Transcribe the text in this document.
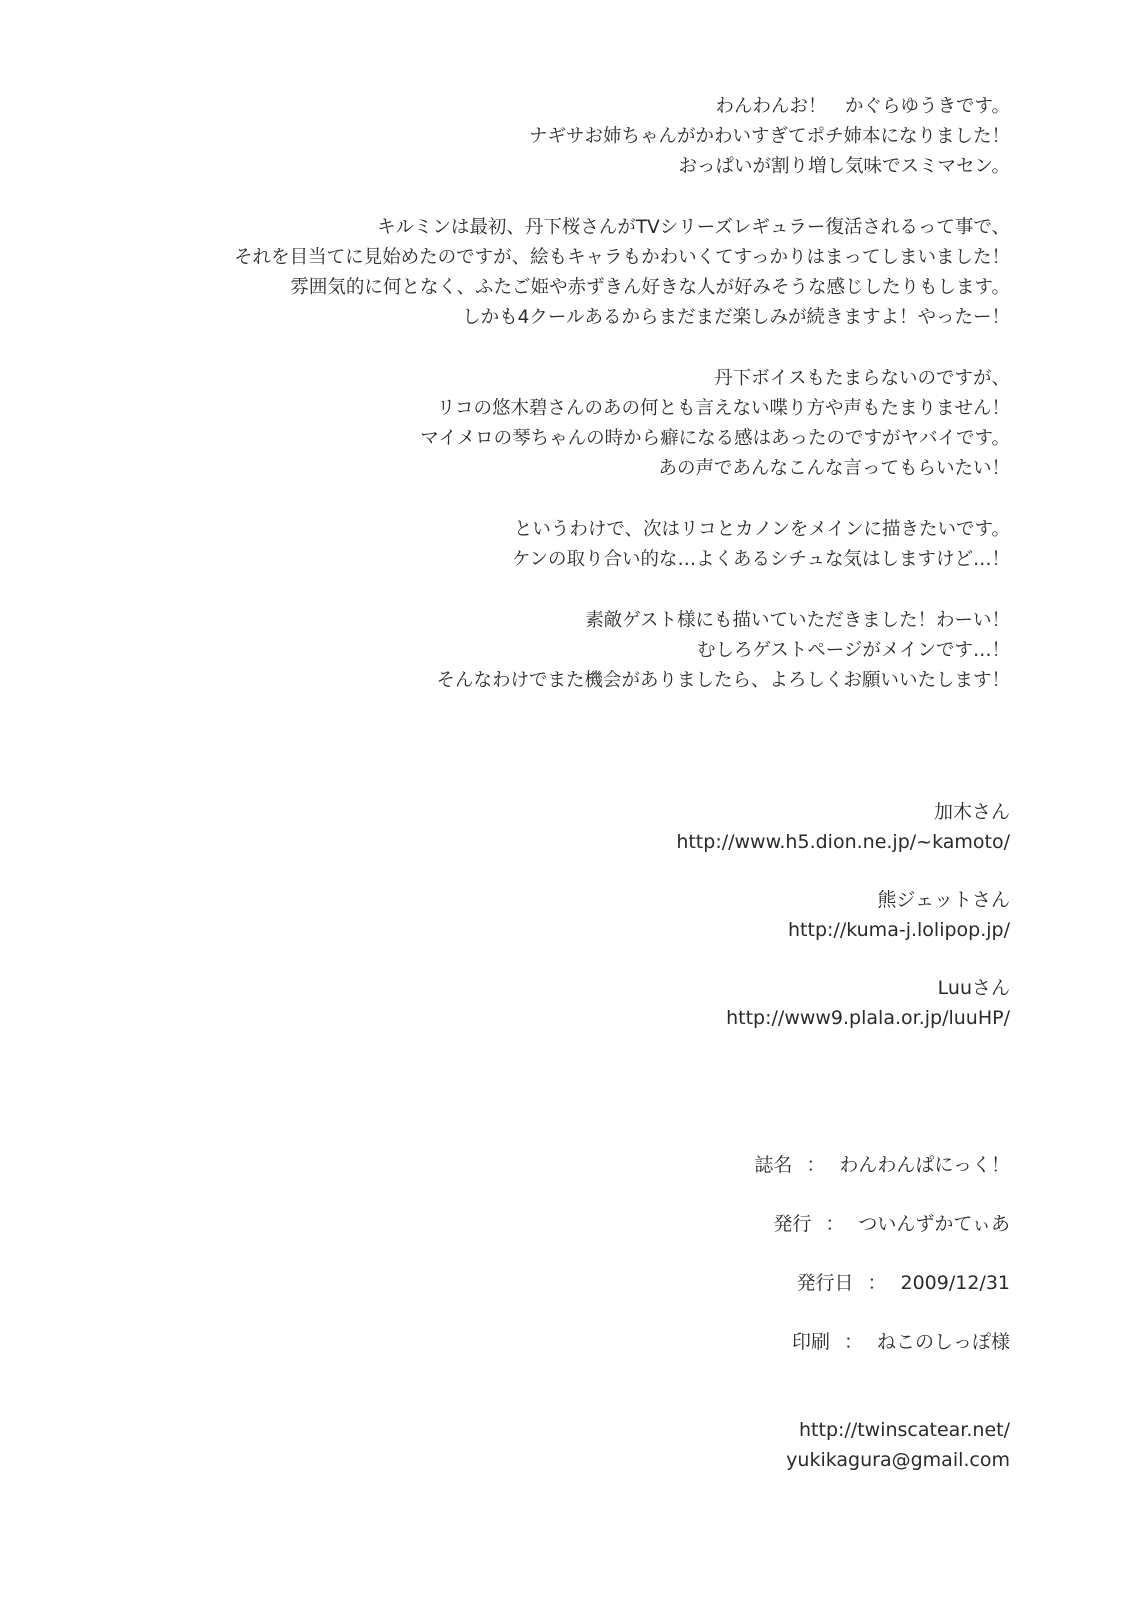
わんわんお！　かぐらゆうきです。
ナギサお姉ちゃんがかわいすぎてポチ姉本になりました！
おっぱいが割り増し気味でスミマセン。
キルミンは最初、丹下桜さんがTVシリーズレギュラー復活されるって事で、
それを目当てに見始めたのですが、絵もキャラもかわいくてすっかりはまってしまいました！
雰囲気的に何となく、ふたご姫や赤ずきん好きな人が好みそうな感じしたりもします。
しかも4クールあるからまだまだ楽しみが続きますよ！やったー！
丹下ボイスもたまらないのですが、
リコの悠木碧さんのあの何とも言えない喋り方や声もたまりません！
マイメロの琴ちゃんの時から癖になる感はあったのですがヤバイです。
あの声であんなこんな言ってもらいたい！
というわけで、次はリコとカノンをメインに描きたいです。
ケンの取り合い的な…よくあるシチュな気はしますけど…！
素敵ゲスト様にも描いていただきました！わーい！
むしろゲストページがメインです…！
そんなわけでまた機会がありましたら、よろしくお願いいたします！
加木さん
http://www.h5.dion.ne.jp/~kamoto/
熊ジェットさん
http://kuma-j.lolipop.jp/
Luuさん
http://www9.plala.or.jp/luuHP/
誌名 ： わんわんぱにっく！
発行 ： ついんずかてぃあ
発行日 ： 2009/12/31
印刷 ： ねこのしっぽ様
http://twinscatear.net/
yukikagura@gmail.com
